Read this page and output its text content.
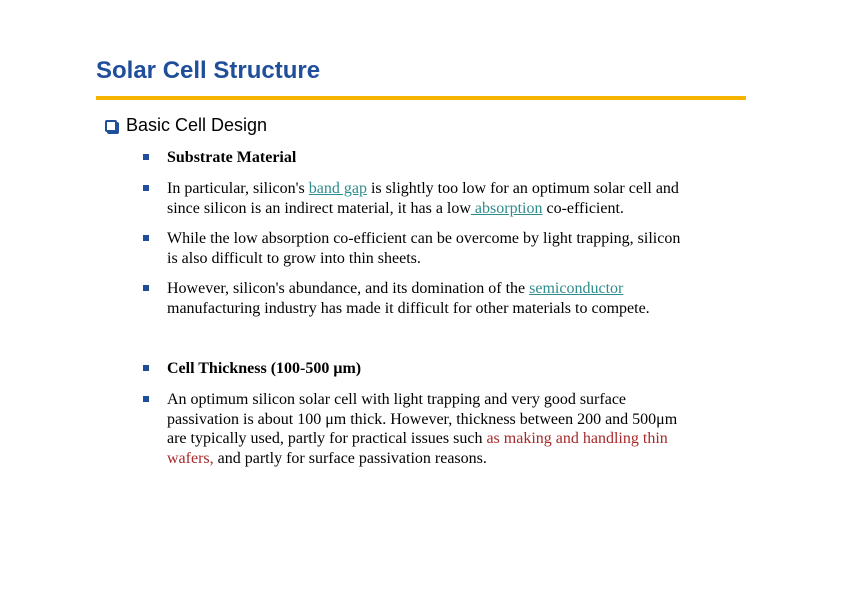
Solar Cell Structure
Basic Cell Design
Substrate Material
In particular, silicon's band gap is slightly too low for an optimum solar cell and
since silicon is an indirect material, it has a low absorption co-efficient.
While the low absorption co-efficient can be overcome by light trapping, silicon
is also difficult to grow into thin sheets.
However, silicon's abundance, and its domination of the semiconductor
manufacturing industry has made it difficult for other materials to compete.
Cell Thickness (100-500 μm)
An optimum silicon solar cell with light trapping and very good surface
passivation is about 100 μm thick. However, thickness between 200 and 500μm
are typically used, partly for practical issues such as making and handling thin
wafers, and partly for surface passivation reasons.
